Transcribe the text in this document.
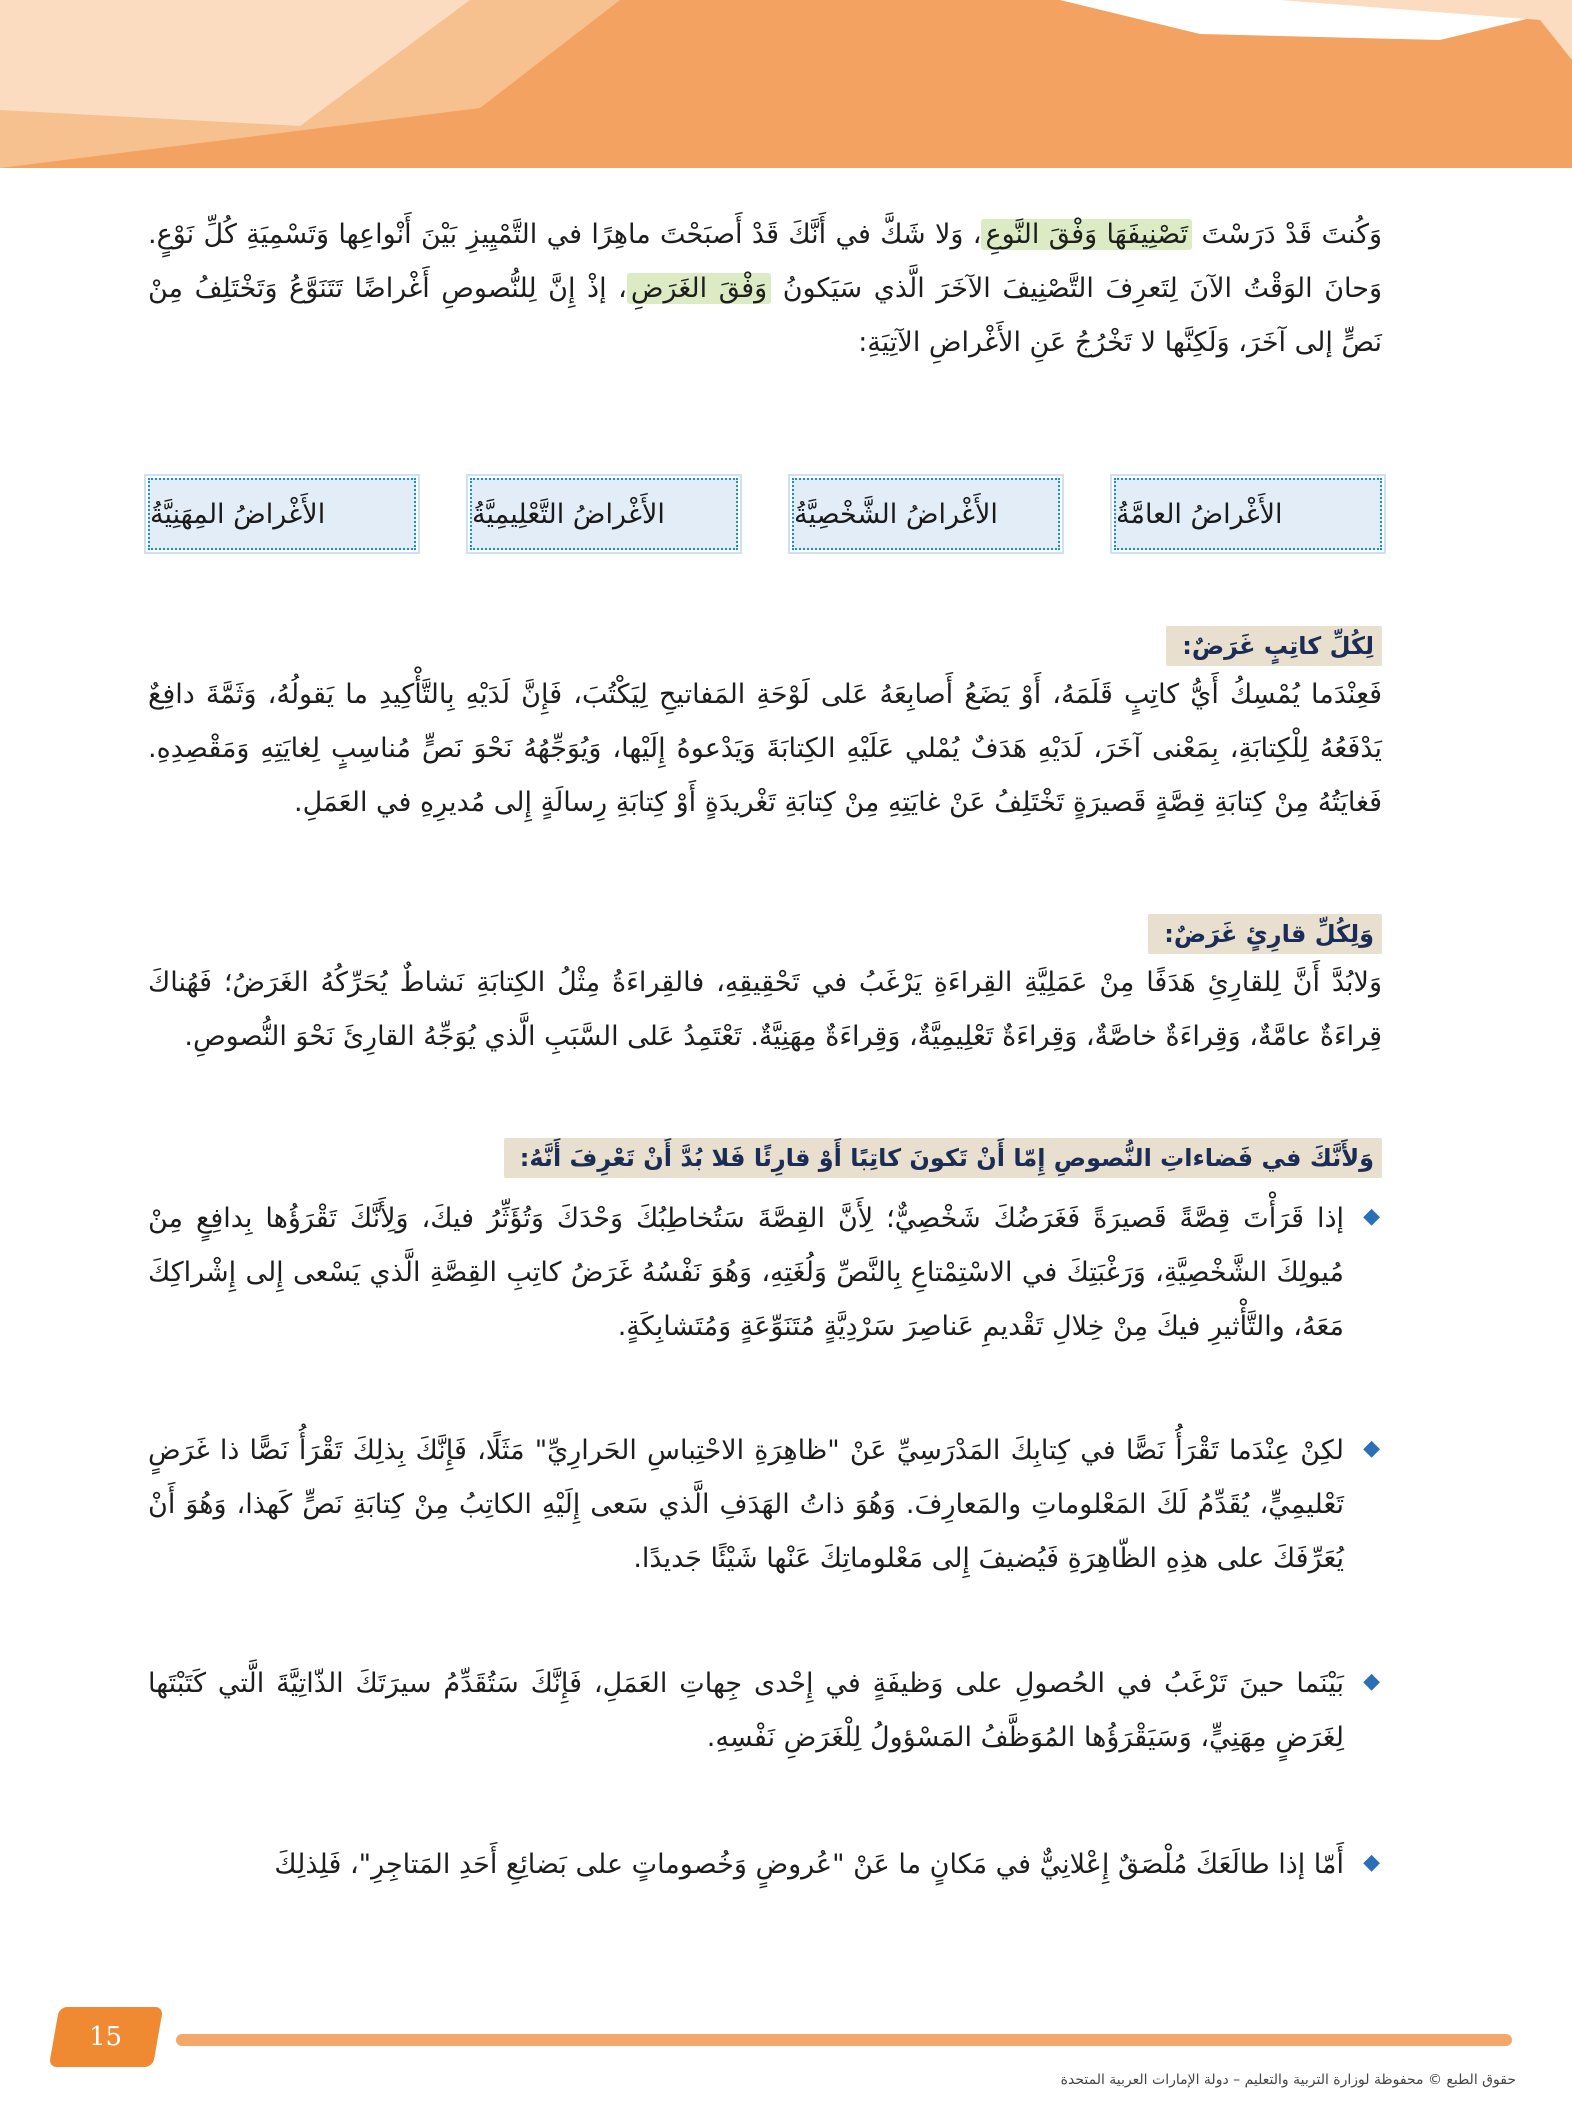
وَكُنتَ قَدْ دَرَسْتَ تَصْنِيفَهَا وَفْقَ النَّوعِ، وَلا شَكَّ في أَنَّكَ قَدْ أَصبَحْتَ ماهِرًا في التَّمْيِيزِ بَيْنَ أَنْواعِها وَتَسْمِيَةِ كُلِّ نَوْعٍ. وَحانَ الوَقْتُ الآنَ لِتَعرِفَ التَّصْنِيفَ الآخَرَ الَّذي سَيَكونُ وَفْقَ الغَرَضِ، إذْ إِنَّ لِلنُّصوصِ أَغْراضًا تَتَنَوَّعُ وَتَخْتَلِفُ مِنْ نَصٍّ إلى آخَرَ، وَلَكِنَّها لا تَخْرُجُ عَنِ الأَغْراضِ الآتِيَةِ:

الأَغْراضُ العامَّةُ
الأَغْراضُ الشَّخْصِيَّةُ
الأَغْراضُ التَّعْلِيمِيَّةُ
الأَغْراضُ المِهَنِيَّةُ
لِكُلِّ كاتِبٍ غَرَضٌ:

فَعِنْدَما يُمْسِكُ أَيُّ كاتِبٍ قَلَمَهُ، أَوْ يَضَعُ أَصابِعَهُ عَلى لَوْحَةِ المَفاتيحِ لِيَكْتُبَ، فَإِنَّ لَدَيْهِ بِالتَّأْكِيدِ ما يَقولُهُ، وَثَمَّةَ دافِعٌ يَدْفَعُهُ لِلْكِتابَةِ، بِمَعْنى آخَرَ، لَدَيْهِ هَدَفٌ يُمْلي عَلَيْهِ الكِتابَةَ وَيَدْعوهُ إِلَيْها، وَيُوَجِّهُهُ نَحْوَ نَصٍّ مُناسِبٍ لِغايَتِهِ وَمَقْصِدِهِ. فَغايَتُهُ مِنْ كِتابَةِ قِصَّةٍ قَصيرَةٍ تَخْتَلِفُ عَنْ غايَتِهِ مِنْ كِتابَةِ تَغْريدَةٍ أَوْ كِتابَةِ رِسالَةٍ إِلى مُديرِهِ في العَمَلِ.

وَلِكُلِّ قارِئٍ غَرَضٌ:

وَلابُدَّ أَنَّ لِلقارِئِ هَدَفًا مِنْ عَمَلِيَّةِ القِراءَةِ يَرْغَبُ في تَحْقِيقِهِ، فالقِراءَةُ مِثْلُ الكِتابَةِ نَشاطٌ يُحَرِّكُهُ الغَرَضُ؛ فَهُناكَ قِراءَةٌ عامَّةٌ، وَقِراءَةٌ خاصَّةٌ، وَقِراءَةٌ تَعْلِيمِيَّةٌ، وَقِراءَةٌ مِهَنِيَّةٌ. تَعْتَمِدُ عَلى السَّبَبِ الَّذي يُوَجِّهُ القارِئَ نَحْوَ النُّصوصِ.

وَلأَنَّكَ في فَضاءاتِ النُّصوصِ إِمّا أَنْ تَكونَ كاتِبًا أَوْ قارِئًا فَلا بُدَّ أَنْ تَعْرِفَ أَنَّهُ:
◆

إذا قَرَأْتَ قِصَّةً قَصيرَةً فَغَرَضُكَ شَخْصِيٌّ؛ لِأَنَّ القِصَّةَ سَتُخاطِبُكَ وَحْدَكَ وَتُؤَثِّرُ فيكَ، وَلِأَنَّكَ تَقْرَؤُها بِدافِعٍ مِنْ مُيولِكَ الشَّخْصِيَّةِ، وَرَغْبَتِكَ في الاسْتِمْتاعِ بِالنَّصِّ وَلُغَتِهِ، وَهُوَ نَفْسُهُ غَرَضُ كاتِبِ القِصَّةِ الَّذي يَسْعى إِلى إِشْراكِكَ مَعَهُ، والتَّأْثيرِ فيكَ مِنْ خِلالِ تَقْديمِ عَناصِرَ سَرْدِيَّةٍ مُتَنَوِّعَةٍ وَمُتَشابِكَةٍ.

◆

لكِنْ عِنْدَما تَقْرَأُ نَصًّا في كِتابِكَ المَدْرَسِيِّ عَنْ "ظاهِرَةِ الاحْتِباسِ الحَرارِيِّ" مَثَلًا، فَإِنَّكَ بِذلِكَ تَقْرَأُ نَصًّا ذا غَرَضٍ تَعْليمِيٍّ، يُقَدِّمُ لَكَ المَعْلوماتِ والمَعارِفَ. وَهُوَ ذاتُ الهَدَفِ الَّذي سَعى إِلَيْهِ الكاتِبُ مِنْ كِتابَةِ نَصٍّ كَهذا، وَهُوَ أَنْ يُعَرِّفَكَ على هذِهِ الظّاهِرَةِ فَيُضيفَ إِلى مَعْلوماتِكَ عَنْها شَيْئًا جَديدًا.

◆

بَيْنَما حينَ تَرْغَبُ في الحُصولِ على وَظيفَةٍ في إِحْدى جِهاتِ العَمَلِ، فَإِنَّكَ سَتُقَدِّمُ سيرَتَكَ الذّاتِيَّةَ الَّتي كَتَبْتَها لِغَرَضٍ مِهَنِيٍّ، وَسَيَقْرَؤُها المُوَظَّفُ المَسْؤولُ لِلْغَرَضِ نَفْسِهِ.

◆

أَمّا إذا طالَعَكَ مُلْصَقٌ إِعْلانِيٌّ في مَكانٍ ما عَنْ "عُروضٍ وَخُصوماتٍ على بَضائِعِ أَحَدِ المَتاجِرِ"، فَلِذلِكَ

15
حقوق الطبع © محفوظة لوزارة التربية والتعليم – دولة الإمارات العربية المتحدة
